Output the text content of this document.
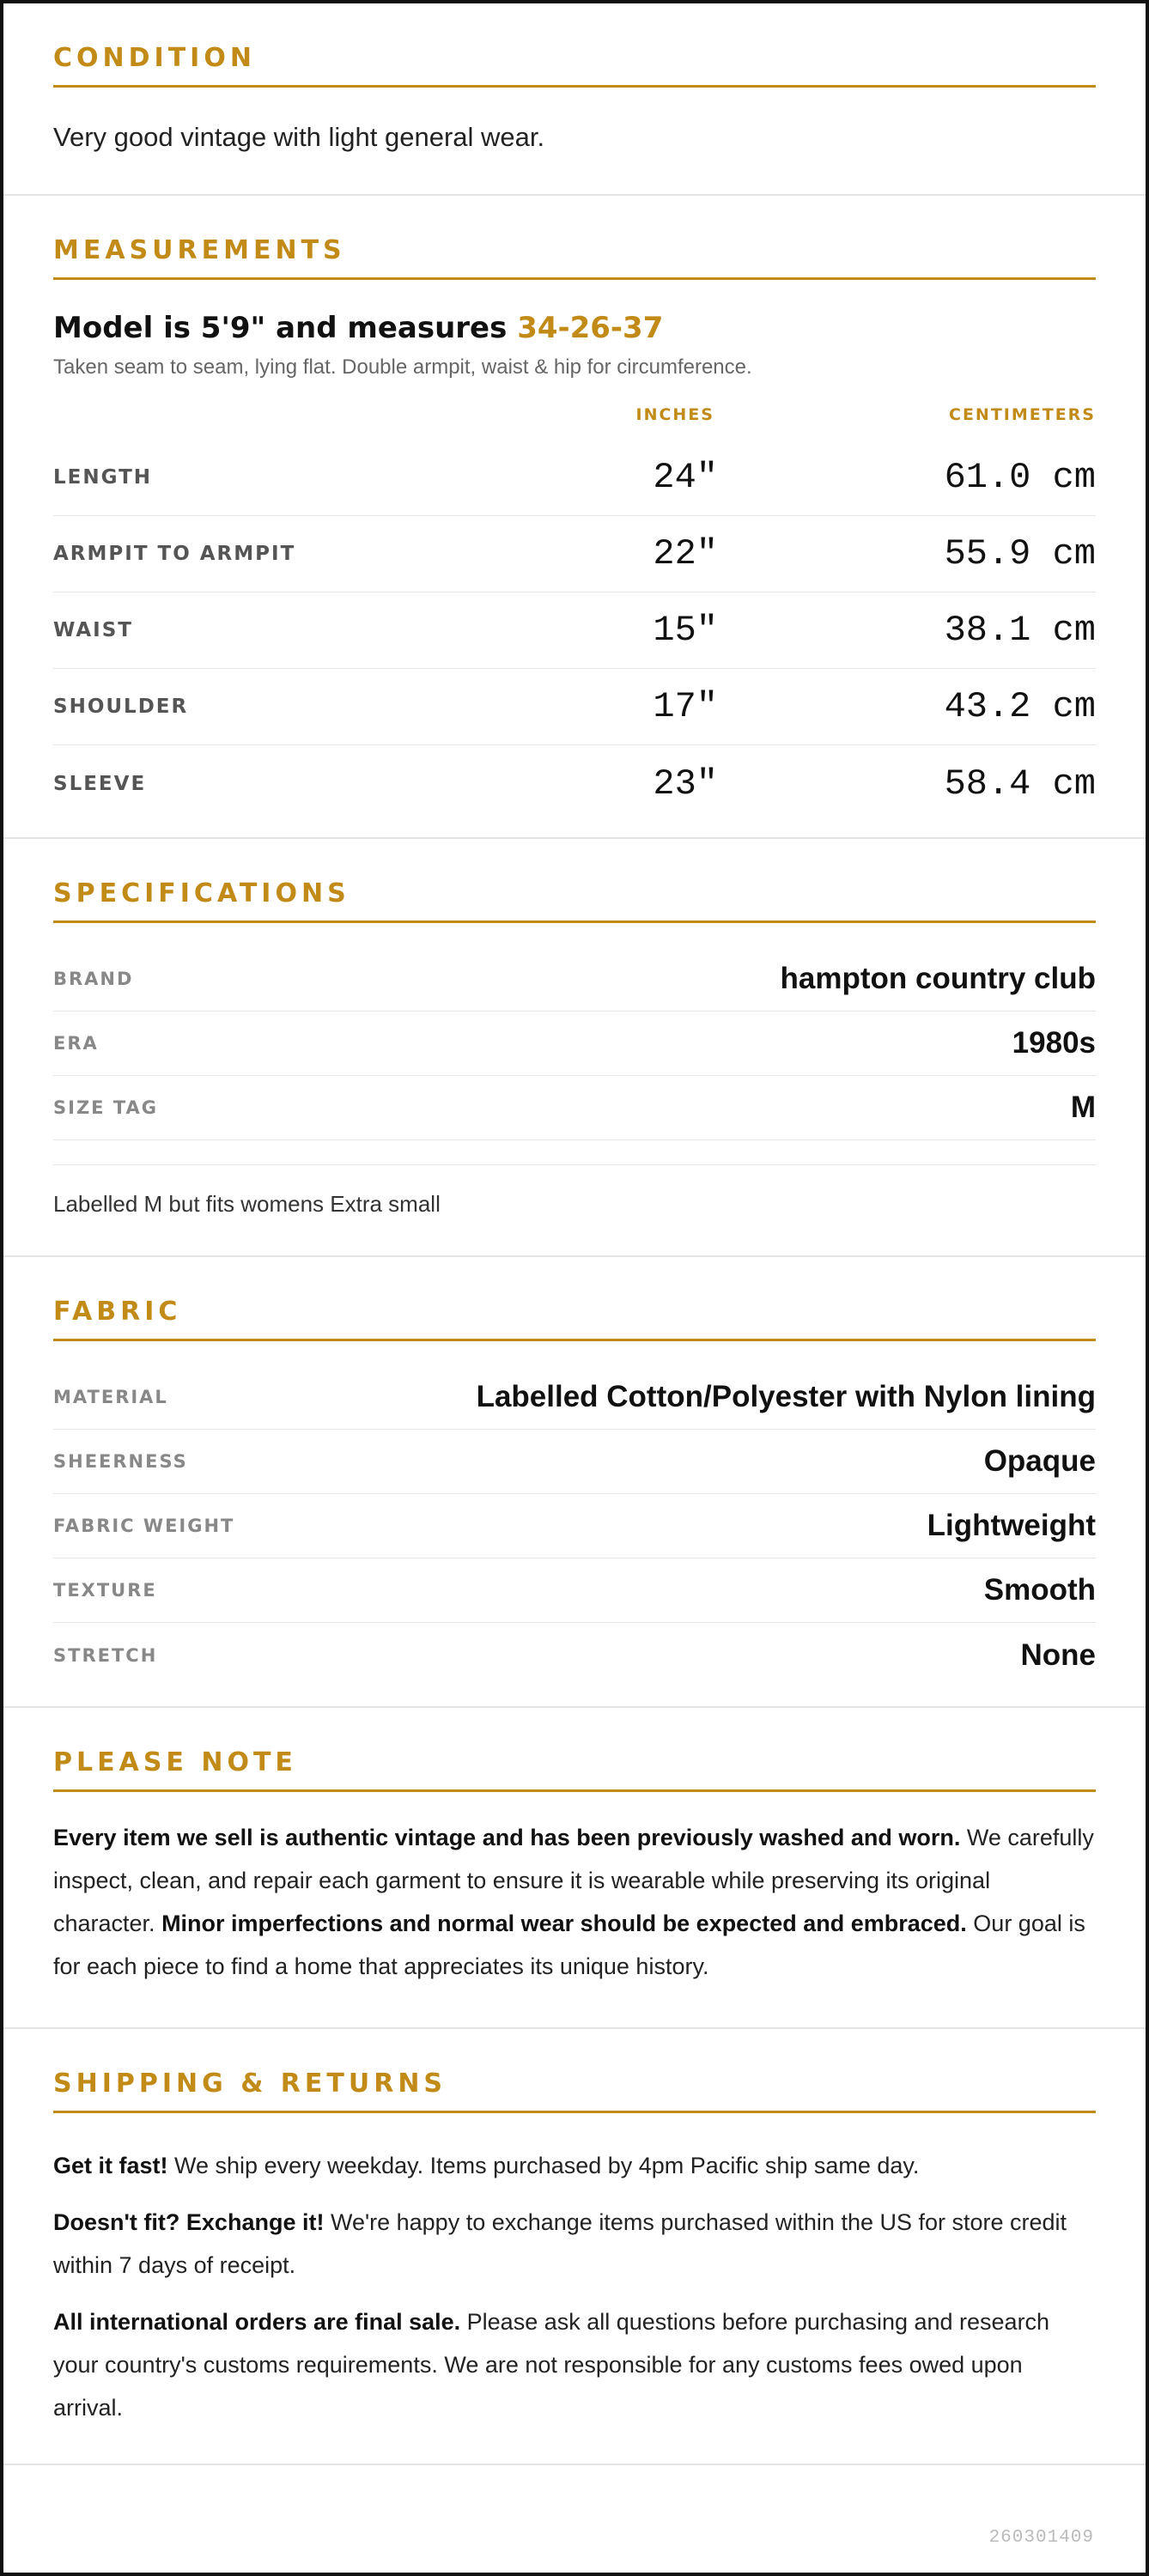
CONDITION
Very good vintage with light general wear.
MEASUREMENTS
Model is 5'9" and measures 34-26-37
Taken seam to seam, lying flat. Double armpit, waist & hip for circumference.
INCHES	CENTIMETERS
LENGTH	24"	61.0 cm
ARMPIT TO ARMPIT	22"	55.9 cm
WAIST	15"	38.1 cm
SHOULDER	17"	43.2 cm
SLEEVE	23"	58.4 cm
SPECIFICATIONS
BRAND	hampton country club
ERA	1980s
SIZE TAG	M
Labelled M but fits womens Extra small
FABRIC
MATERIAL	Labelled Cotton/Polyester with Nylon lining
SHEERNESS	Opaque
FABRIC WEIGHT	Lightweight
TEXTURE	Smooth
STRETCH	None
PLEASE NOTE

Every item we sell is authentic vintage and has been previously washed and worn. We carefully inspect, clean, and repair each garment to ensure it is wearable while preserving its original character. Minor imperfections and normal wear should be expected and embraced. Our goal is for each piece to find a home that appreciates its unique history.

SHIPPING & RETURNS

Get it fast! We ship every weekday. Items purchased by 4pm Pacific ship same day.

Doesn't fit? Exchange it! We're happy to exchange items purchased within the US for store credit within 7 days of receipt.

All international orders are final sale. Please ask all questions before purchasing and research your country's customs requirements. We are not responsible for any customs fees owed upon arrival.

260301409
